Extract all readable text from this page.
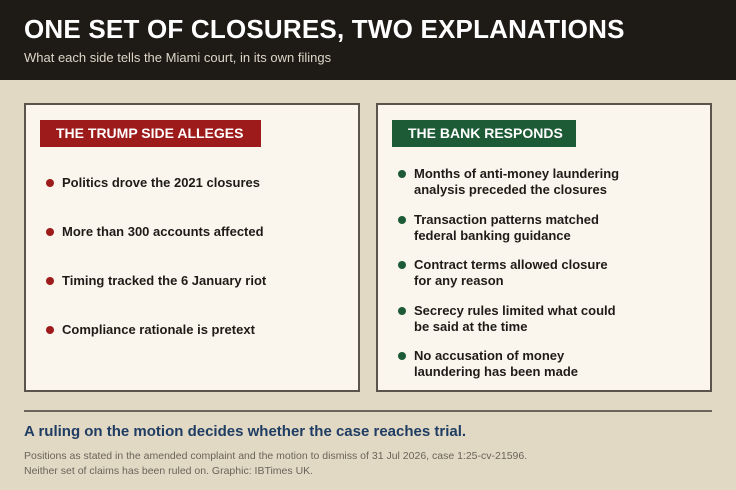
ONE SET OF CLOSURES, TWO EXPLANATIONS
What each side tells the Miami court, in its own filings
THE TRUMP SIDE ALLEGES
Politics drove the 2021 closures
More than 300 accounts affected
Timing tracked the 6 January riot
Compliance rationale is pretext
THE BANK RESPONDS
Months of anti-money laundering
analysis preceded the closures
Transaction patterns matched
federal banking guidance
Contract terms allowed closure
for any reason
Secrecy rules limited what could
be said at the time
No accusation of money
laundering has been made
A ruling on the motion decides whether the case reaches trial.
Positions as stated in the amended complaint and the motion to dismiss of 31 Jul 2026, case 1:25-cv-21596.
Neither set of claims has been ruled on. Graphic: IBTimes UK.
